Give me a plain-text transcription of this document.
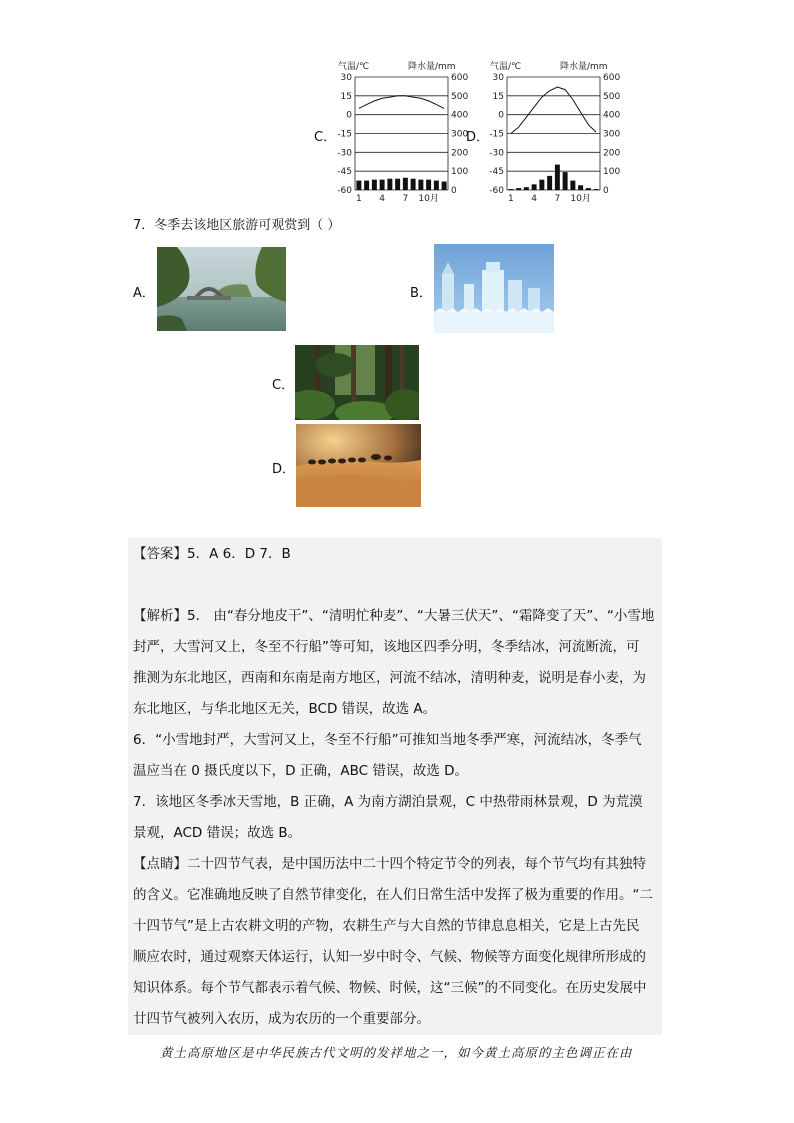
C．
气温/℃	降水量/mm
30	600
15	500
0	400
-15	300
-30	200
-45	100
-60	0
1 4 7 10月
D．
气温/℃	降水量/mm
30	600
15	500
0	400
-15	300
-30	200
-45	100
-60	0
1 4 7 10月
7．冬季去该地区旅游可观赏到（ ）
A．	B．
C．
D．
【答案】5．A 6．D 7．B
【解析】5． 由“春分地皮干”、“清明忙种麦”、“大暑三伏天”、“霜降变了天”、“小雪地
封严，大雪河又上，冬至不行船”等可知，该地区四季分明，冬季结冰，河流断流，可
推测为东北地区，西南和东南是南方地区，河流不结冰，清明种麦，说明是春小麦，为
东北地区，与华北地区无关，BCD 错误，故选 A。
6．“小雪地封严，大雪河又上，冬至不行船”可推知当地冬季严寒，河流结冰，冬季气
温应当在 0 摄氏度以下，D 正确，ABC 错误，故选 D。
7．该地区冬季冰天雪地，B 正确，A 为南方湖泊景观，C 中热带雨林景观，D 为荒漠
景观，ACD 错误；故选 B。
【点睛】二十四节气表，是中国历法中二十四个特定节令的列表，每个节气均有其独特
的含义。它准确地反映了自然节律变化，在人们日常生活中发挥了极为重要的作用。“二
十四节气”是上古农耕文明的产物，农耕生产与大自然的节律息息相关，它是上古先民
顺应农时，通过观察天体运行，认知一岁中时令、气候、物候等方面变化规律所形成的
知识体系。每个节气都表示着气候、物候、时候，这“三候”的不同变化。在历史发展中
廿四节气被列入农历，成为农历的一个重要部分。
黄土高原地区是中华民族古代文明的发祥地之一，如今黄土高原的主色调正在由
